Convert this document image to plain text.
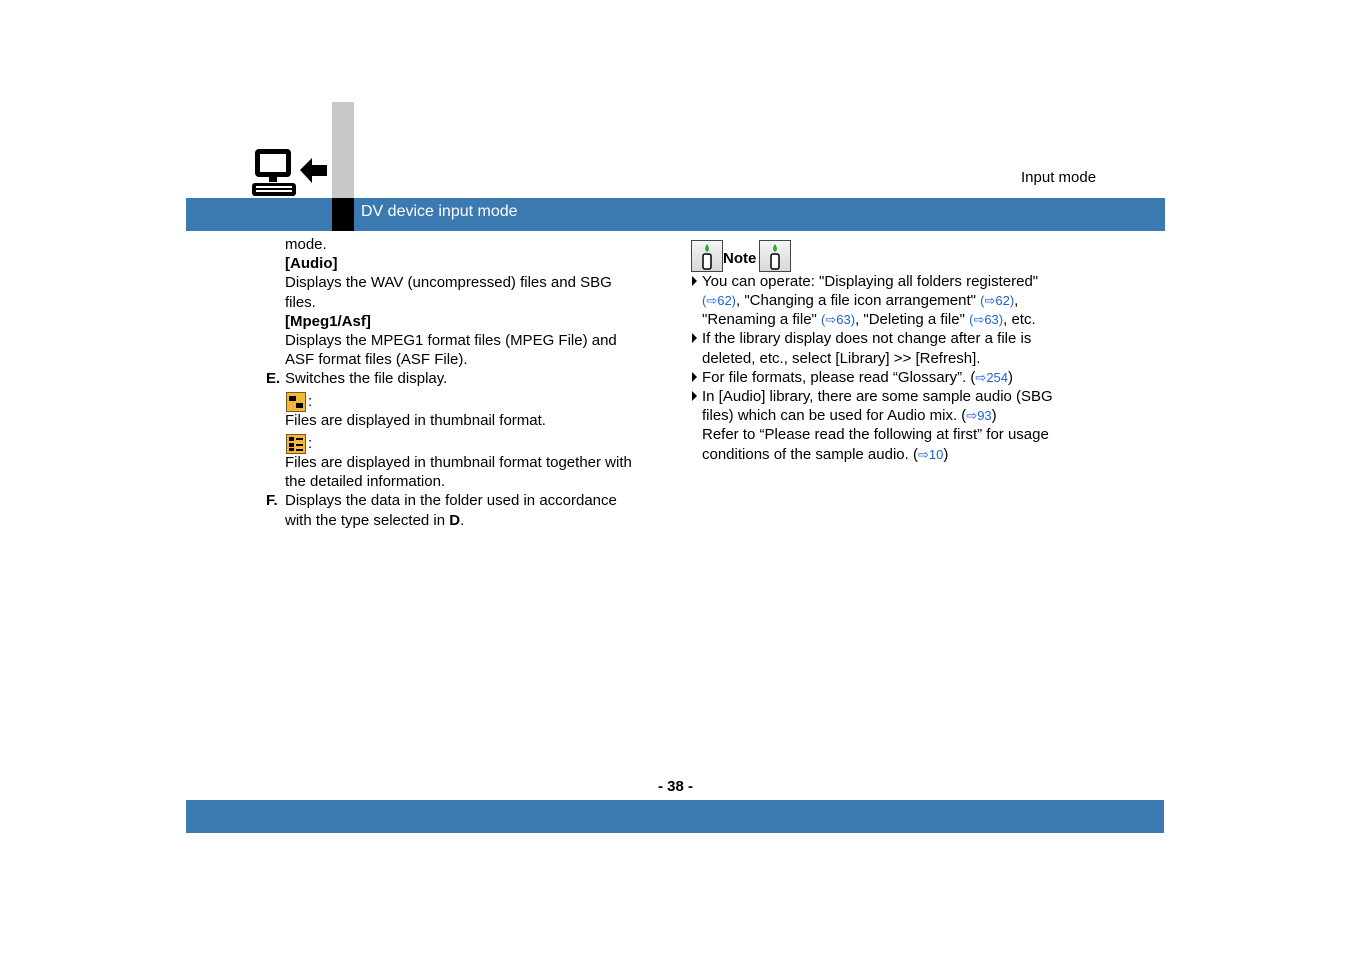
DV device input mode
Input mode
mode.
[Audio]
Displays the WAV (uncompressed) files and SBG
files.
[Mpeg1/Asf]
Displays the MPEG1 format files (MPEG File) and
ASF format files (ASF File).
E. Switches the file display.
:
Files are displayed in thumbnail format.
:
Files are displayed in thumbnail format together with
the detailed information.
F. Displays the data in the folder used in accordance
with the type selected in D.
Note
You can operate: "Displaying all folders registered"
(⇨62), "Changing a file icon arrangement" (⇨62),
"Renaming a file" (⇨63), "Deleting a file" (⇨63), etc.
If the library display does not change after a file is
deleted, etc., select [Library] >> [Refresh].
For file formats, please read “Glossary”. (⇨254)
In [Audio] library, there are some sample audio (SBG
files) which can be used for Audio mix. (⇨93)
Refer to “Please read the following at first” for usage
conditions of the sample audio. (⇨10)
- 38 -
